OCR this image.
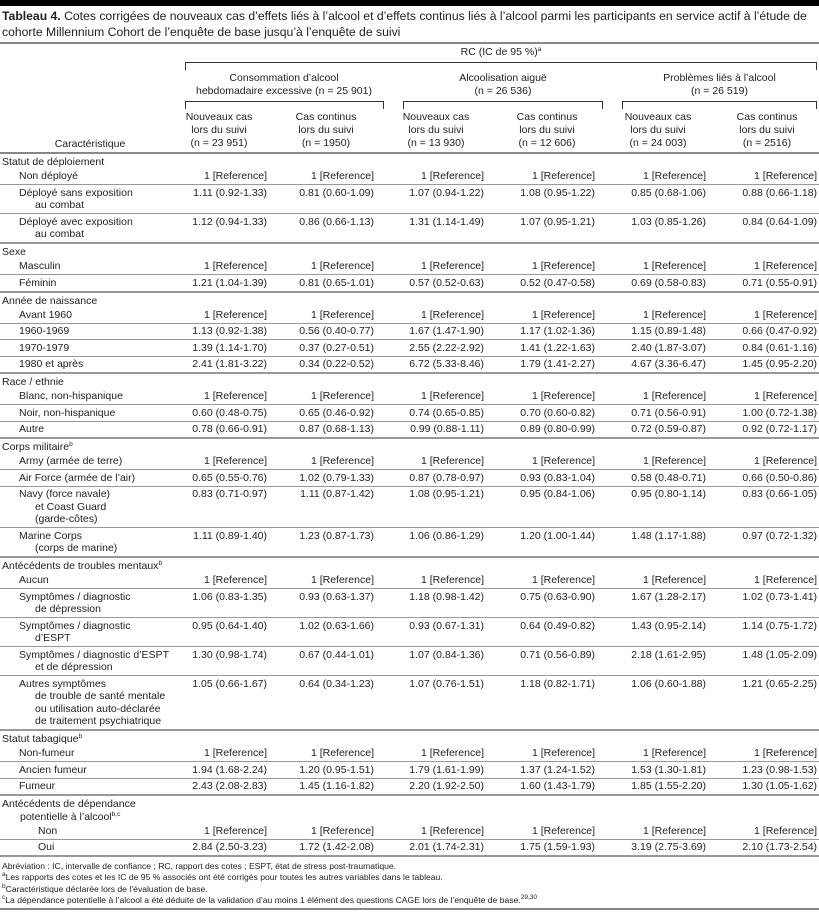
Tableau 4. Cotes corrigées de nouveaux cas d’effets liés à l’alcool et d’effets continus liés à l’alcool parmi les participants en service actif à l’étude de cohorte Millennium Cohort de l’enquête de base jusqu’à l’enquête de suivi
RC (IC de 95 %)$^a$
Consommation d’alcool
hebdomadaire excessive (n = 25 901)
Alcoolisation aiguë
(n = 26 536)
Problèmes liés à l’alcool
(n = 26 519)
Caractéristique
Nouveaux cas
lors du suivi
(n = 23 951)
Cas continus
lors du suivi
(n = 1950)
Nouveaux cas
lors du suivi
(n = 13 930)
Cas continus
lors du suivi
(n = 12 606)
Nouveaux cas
lors du suivi
(n = 24 003)
Cas continus
lors du suivi
(n = 2516)
Statut de déploiement						

Non déployé	1 [Reference]	1 [Reference]	1 [Reference]	1 [Reference]	1 [Reference]	1 [Reference]

Déployé sans exposition
au combat	1.11 (0.92-1.33)	0.81 (0.60-1.09)	1.07 (0.94-1.22)	1.08 (0.95-1.22)	0.85 (0.68-1.06)	0.88 (0.66-1.18)

Déployé avec exposition
au combat	1.12 (0.94-1.33)	0.86 (0.66-1.13)	1.31 (1.14-1.49)	1.07 (0.95-1.21)	1.03 (0.85-1.26)	0.84 (0.64-1.09)

Sexe						

Masculin	1 [Reference]	1 [Reference]	1 [Reference]	1 [Reference]	1 [Reference]	1 [Reference]

Féminin	1.21 (1.04-1.39)	0.81 (0.65-1.01)	0.57 (0.52-0.63)	0.52 (0.47-0.58)	0.69 (0.58-0.83)	0.71 (0.55-0.91)

Année de naissance						

Avant 1960	1 [Reference]	1 [Reference]	1 [Reference]	1 [Reference]	1 [Reference]	1 [Reference]

1960-1969	1.13 (0.92-1.38)	0.56 (0.40-0.77)	1.67 (1.47-1.90)	1.17 (1.02-1.36)	1.15 (0.89-1.48)	0.66 (0.47-0.92)

1970-1979	1.39 (1.14-1.70)	0.37 (0.27-0.51)	2.55 (2.22-2.92)	1.41 (1.22-1.63)	2.40 (1.87-3.07)	0.84 (0.61-1.16)

1980 et après	2.41 (1.81-3.22)	0.34 (0.22-0.52)	6.72 (5.33-8.46)	1.79 (1.41-2.27)	4.67 (3.36-6.47)	1.45 (0.95-2.20)

Race / ethnie						

Blanc, non-hispanique	1 [Reference]	1 [Reference]	1 [Reference]	1 [Reference]	1 [Reference]	1 [Reference]

Noir, non-hispanique	0.60 (0.48-0.75)	0.65 (0.46-0.92)	0.74 (0.65-0.85)	0.70 (0.60-0.82)	0.71 (0.56-0.91)	1.00 (0.72-1.38)

Autre	0.78 (0.66-0.91)	0.87 (0.68-1.13)	0.99 (0.88-1.11)	0.89 (0.80-0.99)	0.72 (0.59-0.87)	0.92 (0.72-1.17)

Corps militaire$^b$

Army (armée de terre)	1 [Reference]	1 [Reference]	1 [Reference]	1 [Reference]	1 [Reference]	1 [Reference]

Air Force (armée de l’air)	0.65 (0.55-0.76)	1.02 (0.79-1.33)	0.87 (0.78-0.97)	0.93 (0.83-1.04)	0.58 (0.48-0.71)	0.66 (0.50-0.86)

Navy (force navale)
et Coast Guard
(garde-côtes)	0.83 (0.71-0.97)	1.11 (0.87-1.42)	1.08 (0.95-1.21)	0.95 (0.84-1.06)	0.95 (0.80-1.14)	0.83 (0.66-1.05)

Marine Corps
(corps de marine)	1.11 (0.89-1.40)	1.23 (0.87-1.73)	1.06 (0.86-1.29)	1.20 (1.00-1.44)	1.48 (1.17-1.88)	0.97 (0.72-1.32)

Antécédents de troubles mentaux$^b$

Aucun	1 [Reference]	1 [Reference]	1 [Reference]	1 [Reference]	1 [Reference]	1 [Reference]

Symptômes / diagnostic
de dépression	1.06 (0.83-1.35)	0.93 (0.63-1.37)	1.18 (0.98-1.42)	0.75 (0.63-0.90)	1.67 (1.28-2.17)	1.02 (0.73-1.41)

Symptômes / diagnostic
d’ESPT	0.95 (0.64-1.40)	1.02 (0.63-1.66)	0.93 (0.67-1.31)	0.64 (0.49-0.82)	1.43 (0.95-2.14)	1.14 (0.75-1.72)

Symptômes / diagnostic d’ESPT
et de dépression	1.30 (0.98-1.74)	0.67 (0.44-1.01)	1.07 (0.84-1.36)	0.71 (0.56-0.89)	2.18 (1.61-2.95)	1.48 (1.05-2.09)

Autres symptômes
de trouble de santé mentale
ou utilisation auto-déclarée
de traitement psychiatrique	1.05 (0.66-1.67)	0.64 (0.34-1.23)	1.07 (0.76-1.51)	1.18 (0.82-1.71)	1.06 (0.60-1.88)	1.21 (0.65-2.25)

Statut tabagique$^b$

Non-fumeur	1 [Reference]	1 [Reference]	1 [Reference]	1 [Reference]	1 [Reference]	1 [Reference]

Ancien fumeur	1.94 (1.68-2.24)	1.20 (0.95-1.51)	1.79 (1.61-1.99)	1.37 (1.24-1.52)	1.53 (1.30-1.81)	1.23 (0.98-1.53)

Fumeur	2.43 (2.08-2.83)	1.45 (1.16-1.82)	2.20 (1.92-2.50)	1.60 (1.43-1.79)	1.85 (1.55-2.20)	1.30 (1.05-1.62)

Antécédents de dépendance
potentielle à l’alcool$^{b,c}$

Non	1 [Reference]	1 [Reference]	1 [Reference]	1 [Reference]	1 [Reference]	1 [Reference]

Oui	2.84 (2.50-3.23)	1.72 (1.42-2.08)	2.01 (1.74-2.31)	1.75 (1.59-1.93)	3.19 (2.75-3.69)	2.10 (1.73-2.54)
Abréviation : IC, intervalle de confiance ; RC, rapport des cotes ; ESPT, état de stress post-traumatique.
$^a$Les rapports des cotes et les IC de 95 % associés ont été corrigés pour toutes les autres variables dans le tableau.
$^b$Caractéristique déclarée lors de l’évaluation de base.
$^c$La dépendance potentielle à l’alcool a été déduite de la validation d’au moins 1 élément des questions CAGE lors de l’enquête de base.$^{29,30}$
